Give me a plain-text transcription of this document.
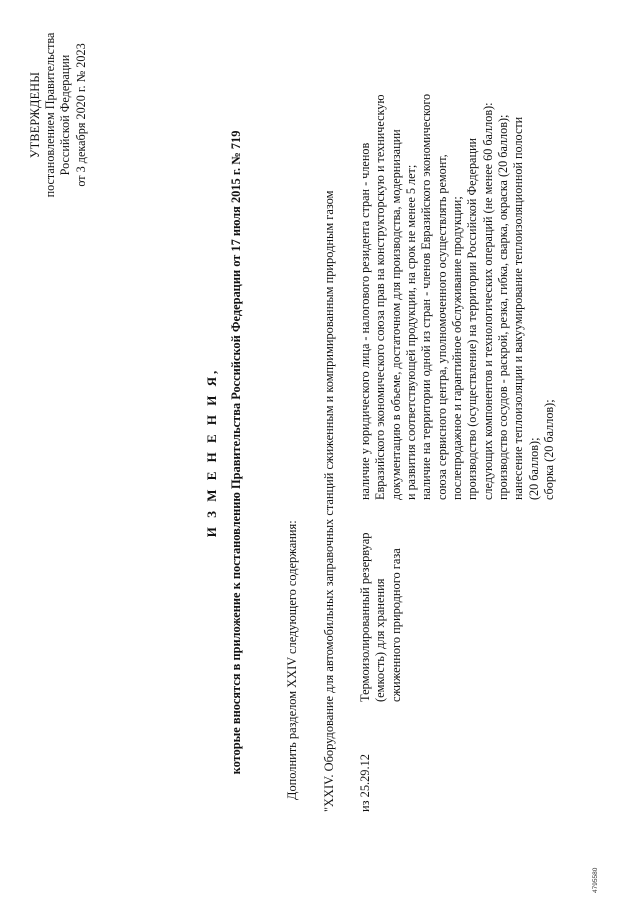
УТВЕРЖДЕНЫ постановлением Правительства Российской Федерации от 3 декабря 2020 г. № 2023
И З М Е Н Е Н И Я, которые вносятся в приложение к постановлению Правительства Российской Федерации от 17 июля 2015 г. № 719	Дополнить разделом XXIV следующего содержания: "XXIV. Оборудование для автомобильных заправочных станций сжиженным и компримированным природным газом из 25.29.12
Термоизолированный резервуар (емкость) для хранения сжиженного природного газа
наличие у юридического лица - налогового резидента стран - членов Евразийского экономического союза прав на конструкторскую и техническую документацию в объеме, достаточном для производства, модернизации и развития соответствующей продукции, на срок не менее 5 лет; наличие на территории одной из стран - членов Евразийского экономического союза сервисного центра, уполномоченного осуществлять ремонт, послепродажное и гарантийное обслуживание продукции; производство (осуществление) на территории Российской Федерации следующих компонентов и технологических операций (не менее 60 баллов): производство сосудов - раскрой, резка, гибка, сварка, окраска (20 баллов); нанесение теплоизоляции и вакуумирование теплоизоляционной полости (20 баллов); сборка (20 баллов);
4795580
